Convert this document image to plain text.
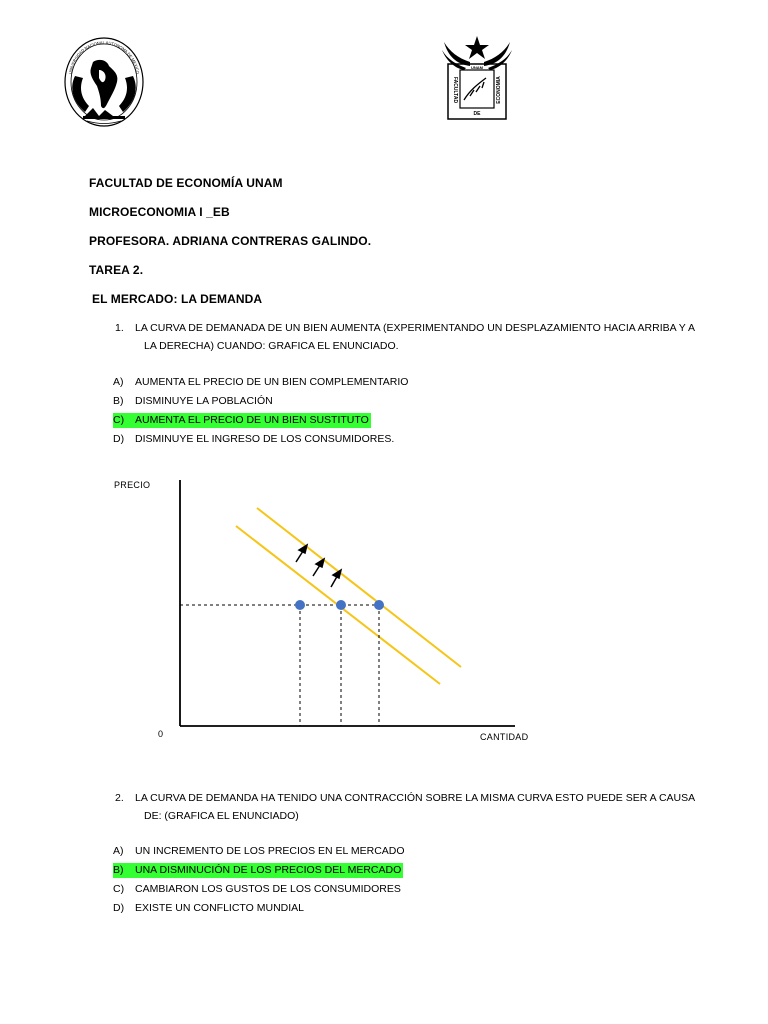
UNIVERSIDAD NACIONAL AUTONOMA DE MEXICO
UNAM
FACULTAD	ECONOMIA
DE
FACULTAD DE ECONOMÍA UNAM
MICROECONOMIA I _EB
PROFESORA. ADRIANA CONTRERAS GALINDO.
TAREA 2.
EL MERCADO: LA DEMANDA
1.	LA CURVA DE DEMANADA DE UN BIEN AUMENTA (EXPERIMENTANDO UN DESPLAZAMIENTO HACIA ARRIBA Y A LA DERECHA) CUANDO: GRAFICA EL ENUNCIADO.
A) AUMENTA EL PRECIO DE UN BIEN COMPLEMENTARIO
B) DISMINUYE LA POBLACIÓN
C) AUMENTA EL PRECIO DE UN BIEN SUSTITUTO
D) DISMINUYE EL INGRESO DE LOS CONSUMIDORES.
PRECIO
CANTIDAD
0
2.	LA CURVA DE DEMANDA HA TENIDO UNA CONTRACCIÓN SOBRE LA MISMA CURVA ESTO PUEDE SER A CAUSA DE: (GRAFICA EL ENUNCIADO)
A) UN INCREMENTO DE LOS PRECIOS EN EL MERCADO
B) UNA DISMINUCIÓN DE LOS PRECIOS DEL MERCADO
C) CAMBIARON LOS GUSTOS DE LOS CONSUMIDORES
D) EXISTE UN CONFLICTO MUNDIAL
